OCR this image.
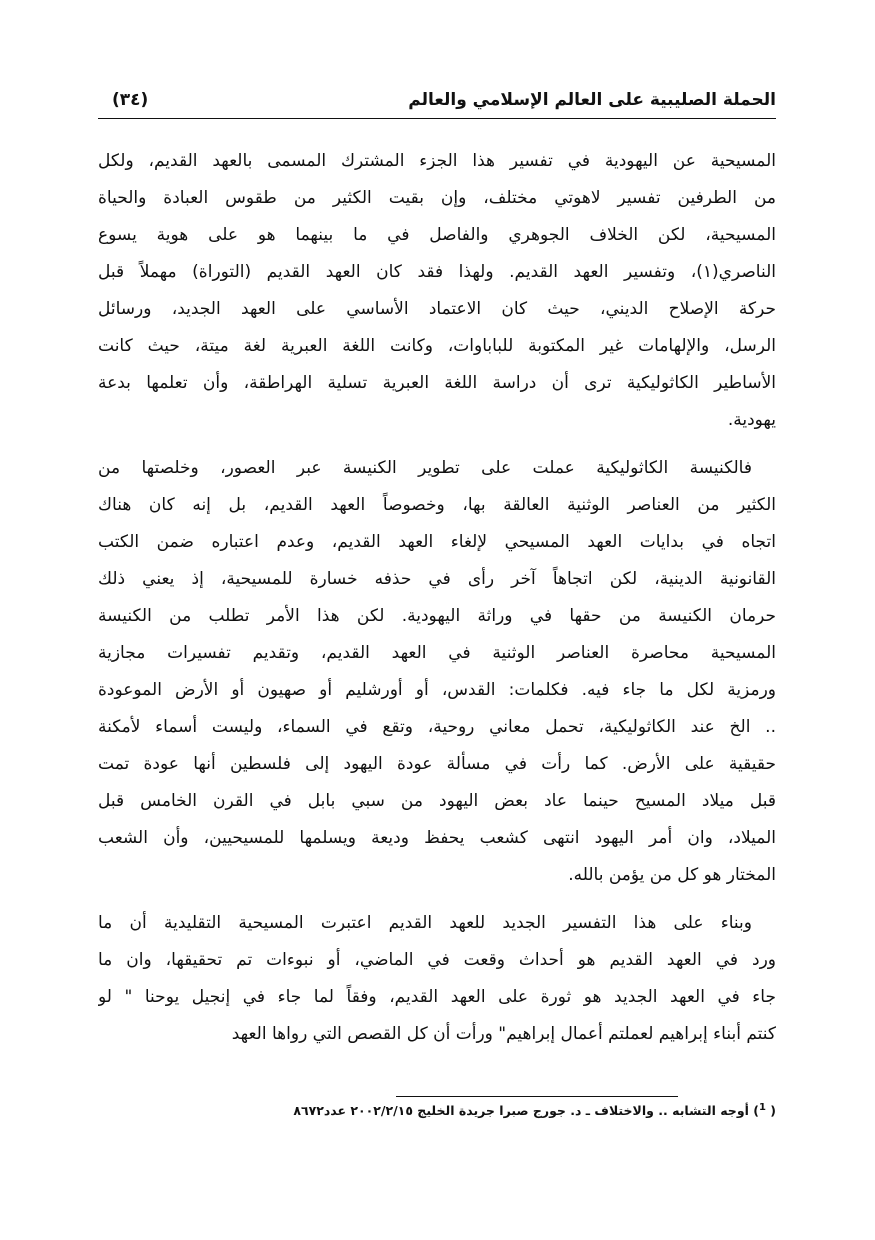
الحملة الصليبية على العالم الإسلامي والعالم
(٣٤)
المسيحية عن اليهودية في تفسير هذا الجزء المشترك المسمى بالعهد القديم، ولكل
من الطرفين تفسير لاهوتي مختلف، وإن بقيت الكثير من طقوس العبادة والحياة
المسيحية، لكن الخلاف الجوهري والفاصل في ما بينهما هو على هوية يسوع
الناصري(١)، وتفسير العهد القديم. ولهذا فقد كان العهد القديم (التوراة) مهملاً قبل
حركة الإصلاح الديني، حيث كان الاعتماد الأساسي على العهد الجديد، ورسائل
الرسل، والإلهامات غير المكتوبة للباباوات، وكانت اللغة العبرية لغة ميتة، حيث كانت
الأساطير الكاثوليكية ترى أن دراسة اللغة العبرية تسلية الهراطقة، وأن تعلمها بدعة
يهودية.
فالكنيسة الكاثوليكية عملت على تطوير الكنيسة عبر العصور، وخلصتها من
الكثير من العناصر الوثنية العالقة بها، وخصوصاً العهد القديم، بل إنه كان هناك
اتجاه في بدايات العهد المسيحي لإلغاء العهد القديم، وعدم اعتباره ضمن الكتب
القانونية الدينية، لكن اتجاهاً آخر رأى في حذفه خسارة للمسيحية، إذ يعني ذلك
حرمان الكنيسة من حقها في وراثة اليهودية. لكن هذا الأمر تطلب من الكنيسة
المسيحية محاصرة العناصر الوثنية في العهد القديم، وتقديم تفسيرات مجازية
ورمزية لكل ما جاء فيه. فكلمات: القدس، أو أورشليم أو صهيون أو الأرض الموعودة
.. الخ عند الكاثوليكية، تحمل معاني روحية، وتقع في السماء، وليست أسماء لأمكنة
حقيقية على الأرض. كما رأت في مسألة عودة اليهود إلى فلسطين أنها عودة تمت
قبل ميلاد المسيح حينما عاد بعض اليهود من سبي بابل في القرن الخامس قبل
الميلاد، وان أمر اليهود انتهى كشعب يحفظ وديعة ويسلمها للمسيحيين، وأن الشعب
المختار هو كل من يؤمن بالله.
وبناء على هذا التفسير الجديد للعهد القديم اعتبرت المسيحية التقليدية أن ما
ورد في العهد القديم هو أحداث وقعت في الماضي، أو نبوءات تم تحقيقها، وان ما
جاء في العهد الجديد هو ثورة على العهد القديم، وفقاً لما جاء في إنجيل يوحنا " لو
كنتم أبناء إبراهيم لعملتم أعمال إبراهيم" ورأت أن كل القصص التي رواها العهد
( $^1$) أوجه التشابه .. والاختلاف ـ د. جورج صبرا جريدة الخليج ٢٠٠٢/٢/١٥ عدد٨٦٧٢
